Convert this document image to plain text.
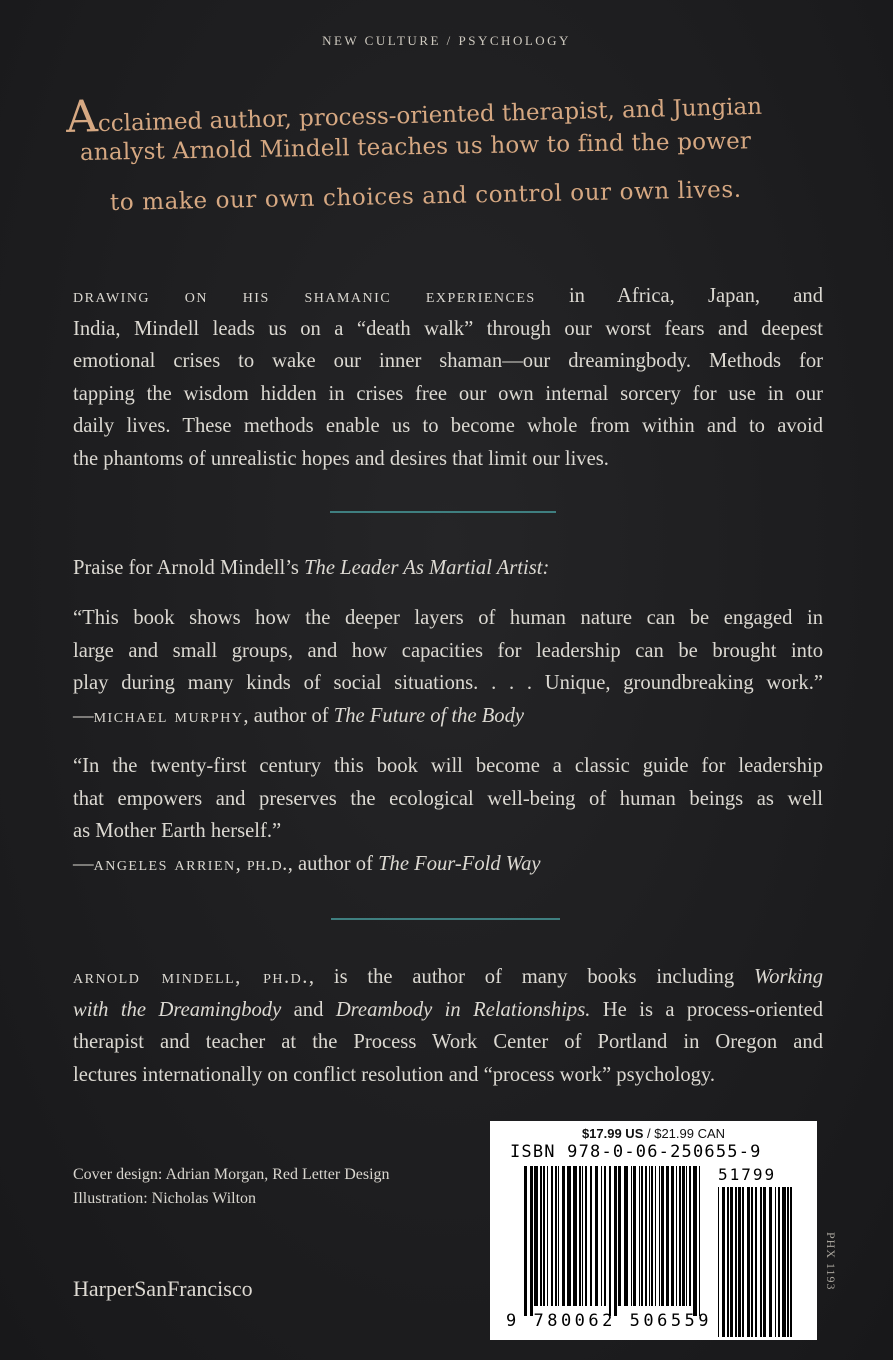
NEW CULTURE / PSYCHOLOGY
Acclaimed author, process-oriented therapist, and Jungian
analyst Arnold Mindell teaches us how to find the power
to make our own choices and control our own lives.
drawing on his shamanic experiences in Africa, Japan, and
India, Mindell leads us on a “death walk” through our worst fears and deepest
emotional crises to wake our inner shaman—our dreamingbody. Methods for
tapping the wisdom hidden in crises free our own internal sorcery for use in our
daily lives. These methods enable us to become whole from within and to avoid
the phantoms of unrealistic hopes and desires that limit our lives.
Praise for Arnold Mindell’s The Leader As Martial Artist:
“This book shows how the deeper layers of human nature can be engaged in
large and small groups, and how capacities for leadership can be brought into
play during many kinds of social situations. . . . Unique, groundbreaking work.”
—michael murphy, author of The Future of the Body
“In the twenty-first century this book will become a classic guide for leadership
that empowers and preserves the ecological well-being of human beings as well
as Mother Earth herself.”
—angeles arrien, ph.d., author of The Four-Fold Way
arnold mindell, ph.d., is the author of many books including Working
with the Dreamingbody and Dreambody in Relationships. He is a process-oriented
therapist and teacher at the Process Work Center of Portland in Oregon and
lectures internationally on conflict resolution and “process work” psychology.
Cover design: Adrian Morgan, Red Letter Design
Illustration: Nicholas Wilton
HarperSanFrancisco
$17.99 US / $21.99 CAN
ISBN 978-0-06-250655-9
51799
9 780062 506559
PHX 1193
